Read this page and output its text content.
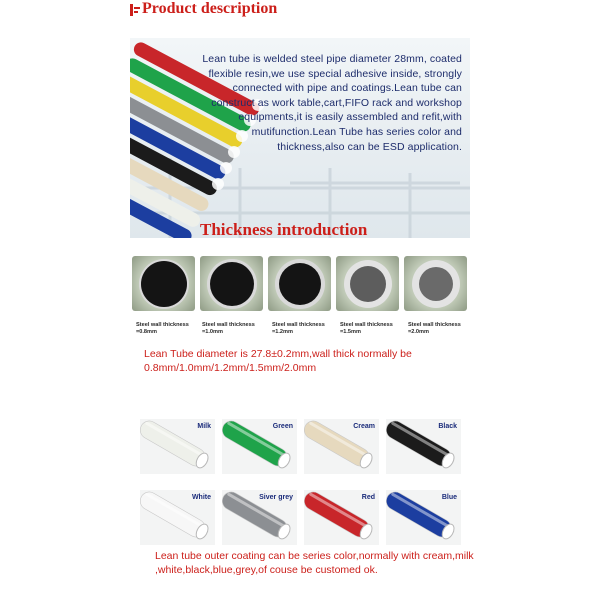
Product description
Lean tube is welded steel pipe diameter 28mm, coated flexible resin,we use special adhesive inside, strongly connected with pipe and coatings.Lean tube can construct as work table,cart,FIFO rack and workshop equipments,it is easily assembled and refit,with mutifunction.Lean Tube has series color and thickness,also can be ESD application.
Thickness introduction
Steel wall thickness =0.8mm
Steel wall thickness =1.0mm
Steel wall thickness =1.2mm
Steel wall thickness =1.5mm
Steel wall thickness =2.0mm
Lean Tube diameter is 27.8±0.2mm,wall thick normally be 0.8mm/1.0mm/1.2mm/1.5mm/2.0mm
Milk	Green	Cream	Black
White	Siver grey	Red	Blue
Lean tube outer coating can be series color,normally with cream,milk ,white,black,blue,grey,of couse be customed ok.
